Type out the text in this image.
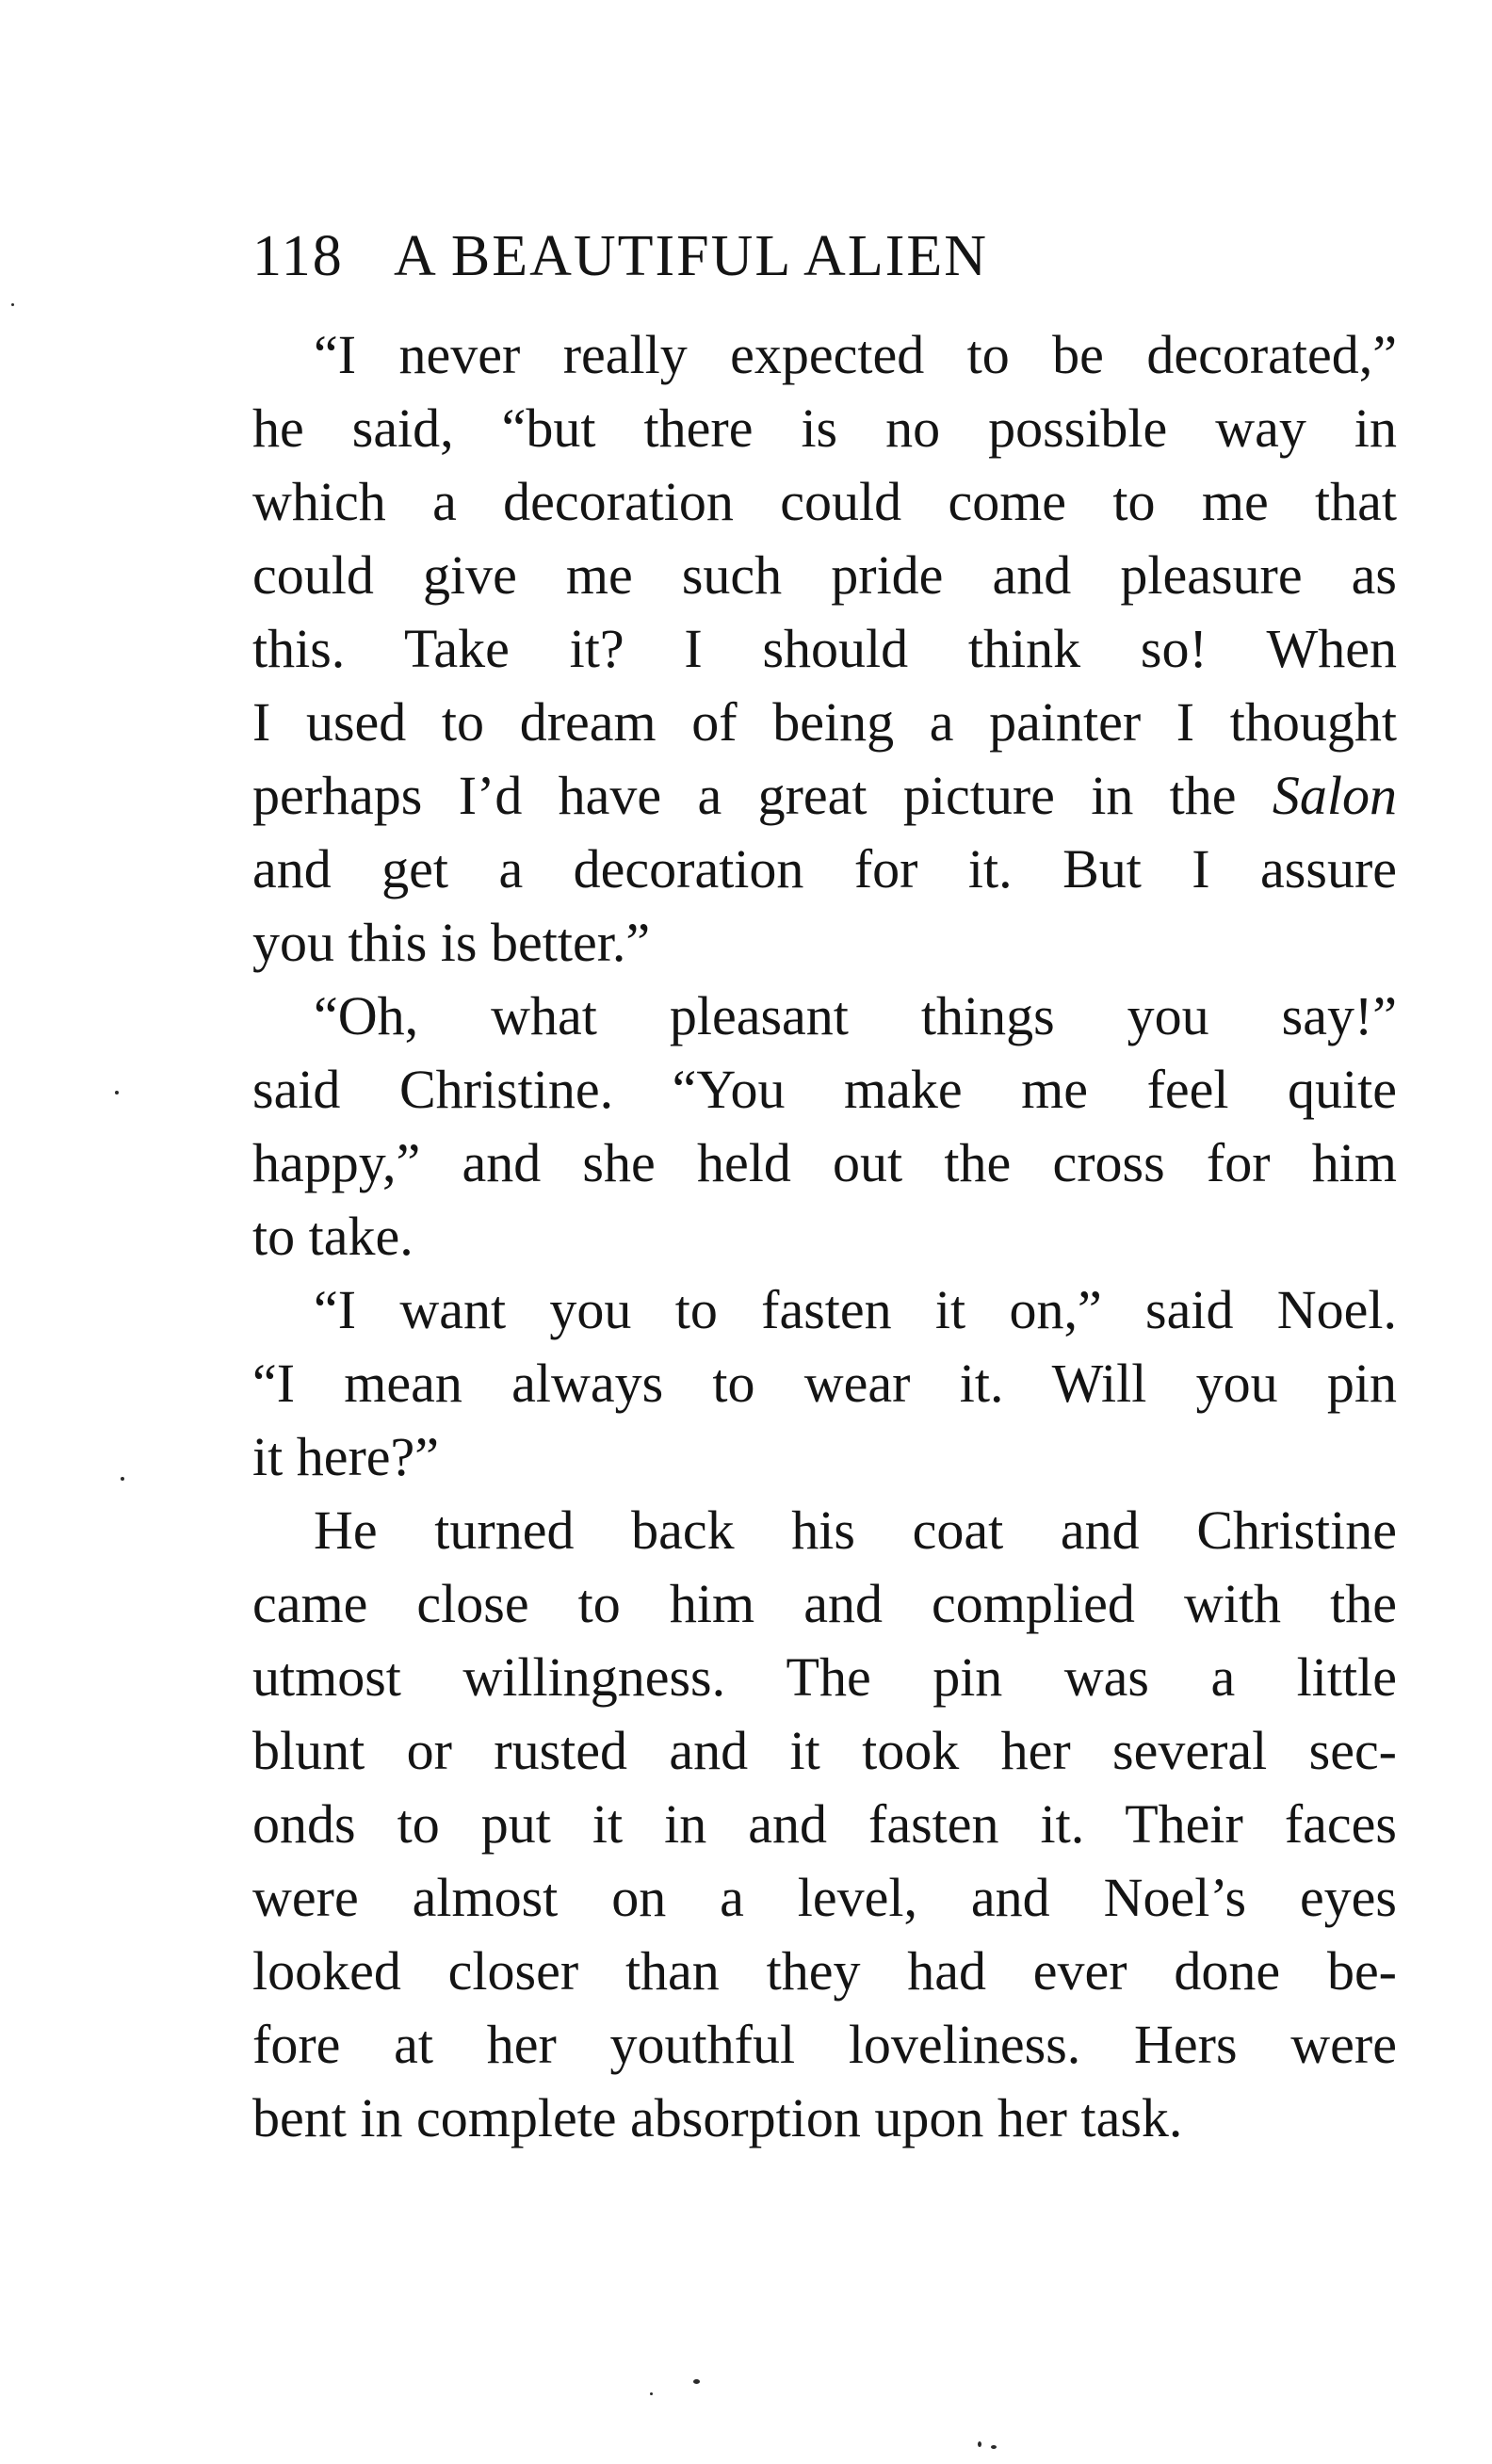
118 A BEAUTIFUL ALIEN
“I never really expected to be decorated,”
he said, “but there is no possible way in
which a decoration could come to me that
could give me such pride and pleasure as
this. Take it? I should think so! When
I used to dream of being a painter I thought
perhaps I’d have a great picture in the Salon
and get a decoration for it. But I assure
you this is better.”
“Oh, what pleasant things you say!”
said Christine. “You make me feel quite
happy,” and she held out the cross for him
to take.
“I want you to fasten it on,” said Noel.
“I mean always to wear it. Will you pin
it here?”
He turned back his coat and Christine
came close to him and complied with the
utmost willingness. The pin was a little
blunt or rusted and it took her several sec-
onds to put it in and fasten it. Their faces
were almost on a level, and Noel’s eyes
looked closer than they had ever done be-
fore at her youthful loveliness. Hers were
bent in complete absorption upon her task.
